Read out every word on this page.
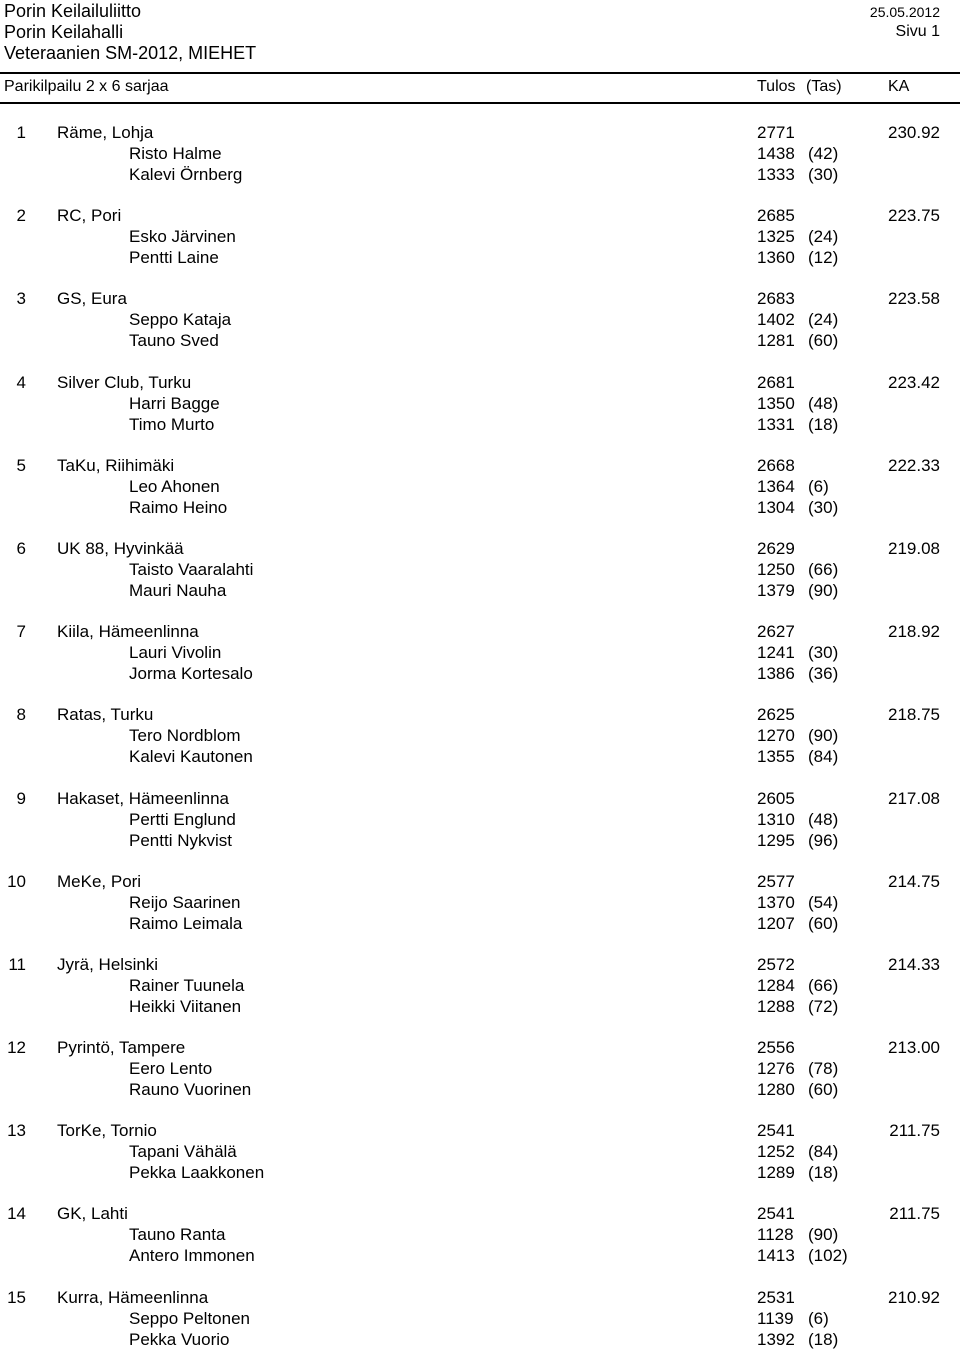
Porin Keilailuliitto
Porin Keilahalli
Veteraanien SM-2012, MIEHET
25.05.2012
Sivu 1
Parikilpailu 2 x 6 sarjaa	Tulos (Tas)	KA
1 Räme, Lohja	2771	230.92
Risto Halme	1438 (42)
Kalevi Örnberg	1333 (30)
2 RC, Pori	2685	223.75
Esko Järvinen	1325 (24)
Pentti Laine	1360 (12)
3 GS, Eura	2683	223.58
Seppo Kataja	1402 (24)
Tauno Sved	1281 (60)
4 Silver Club, Turku	2681	223.42
Harri Bagge	1350 (48)
Timo Murto	1331 (18)
5 TaKu, Riihimäki	2668	222.33
Leo Ahonen	1364 (6)
Raimo Heino	1304 (30)
6 UK 88, Hyvinkää	2629	219.08
Taisto Vaaralahti	1250 (66)
Mauri Nauha	1379 (90)
7 Kiila, Hämeenlinna	2627	218.92
Lauri Vivolin	1241 (30)
Jorma Kortesalo	1386 (36)
8 Ratas, Turku	2625	218.75
Tero Nordblom	1270 (90)
Kalevi Kautonen	1355 (84)
9 Hakaset, Hämeenlinna	2605	217.08
Pertti Englund	1310 (48)
Pentti Nykvist	1295 (96)
10 MeKe, Pori	2577	214.75
Reijo Saarinen	1370 (54)
Raimo Leimala	1207 (60)
11 Jyrä, Helsinki	2572	214.33
Rainer Tuunela	1284 (66)
Heikki Viitanen	1288 (72)
12 Pyrintö, Tampere	2556	213.00
Eero Lento	1276 (78)
Rauno Vuorinen	1280 (60)
13 TorKe, Tornio	2541	211.75
Tapani Vähälä	1252 (84)
Pekka Laakkonen	1289 (18)
14 GK, Lahti	2541	211.75
Tauno Ranta	1128 (90)
Antero Immonen	1413 (102)
15 Kurra, Hämeenlinna	2531	210.92
Seppo Peltonen	1139 (6)
Pekka Vuorio	1392 (18)
